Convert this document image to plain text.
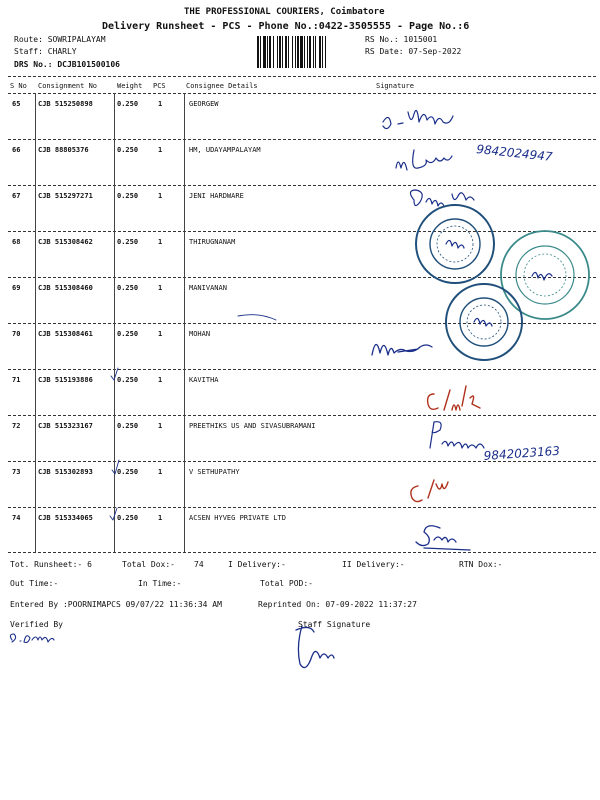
THE PROFESSIONAL COURIERS, Coimbatore
Delivery Runsheet - PCS - Phone No.:0422-3505555 - Page No.:6
Route: SOWRIPALAYAM
Staff: CHARLY
DRS No.: DCJB101500106
RS No.: 1015001
RS Date: 07-Sep-2022
S No Consignment No	Weight PCS	Consignee Details	Signature
65	CJB 515250898	0.250	1	GEORGEW
66	CJB 88805376	0.250	1	HM, UDAYAMPALAYAM
67	CJB 515297271	0.250	1	JENI HARDWARE
68	CJB 515308462	0.250	1	THIRUGNANAM
69	CJB 515308460	0.250	1	MANIVANAN
70	CJB 515308461	0.250	1	MOHAN
71	CJB 515193886	0.250	1	KAVITHA
72	CJB 515323167	0.250	1	PREETHIKS US AND SIVASUBRAMANI
73	CJB 515302893	0.250	1	V SETHUPATHY
74	CJB 515334065	0.250	1	ACSEN HYVEG PRIVATE LTD
9842024947
9842023163
Tot. Runsheet:- 6	Total Dox:- 74	I Delivery:-	II Delivery:-	RTN Dox:-
Out Time:-	In Time:-	Total POD:-
Entered By :POORNIMAPCS 09/07/22 11:36:34 AM	Reprinted On: 07-09-2022 11:37:27
Verified By	Staff Signature
